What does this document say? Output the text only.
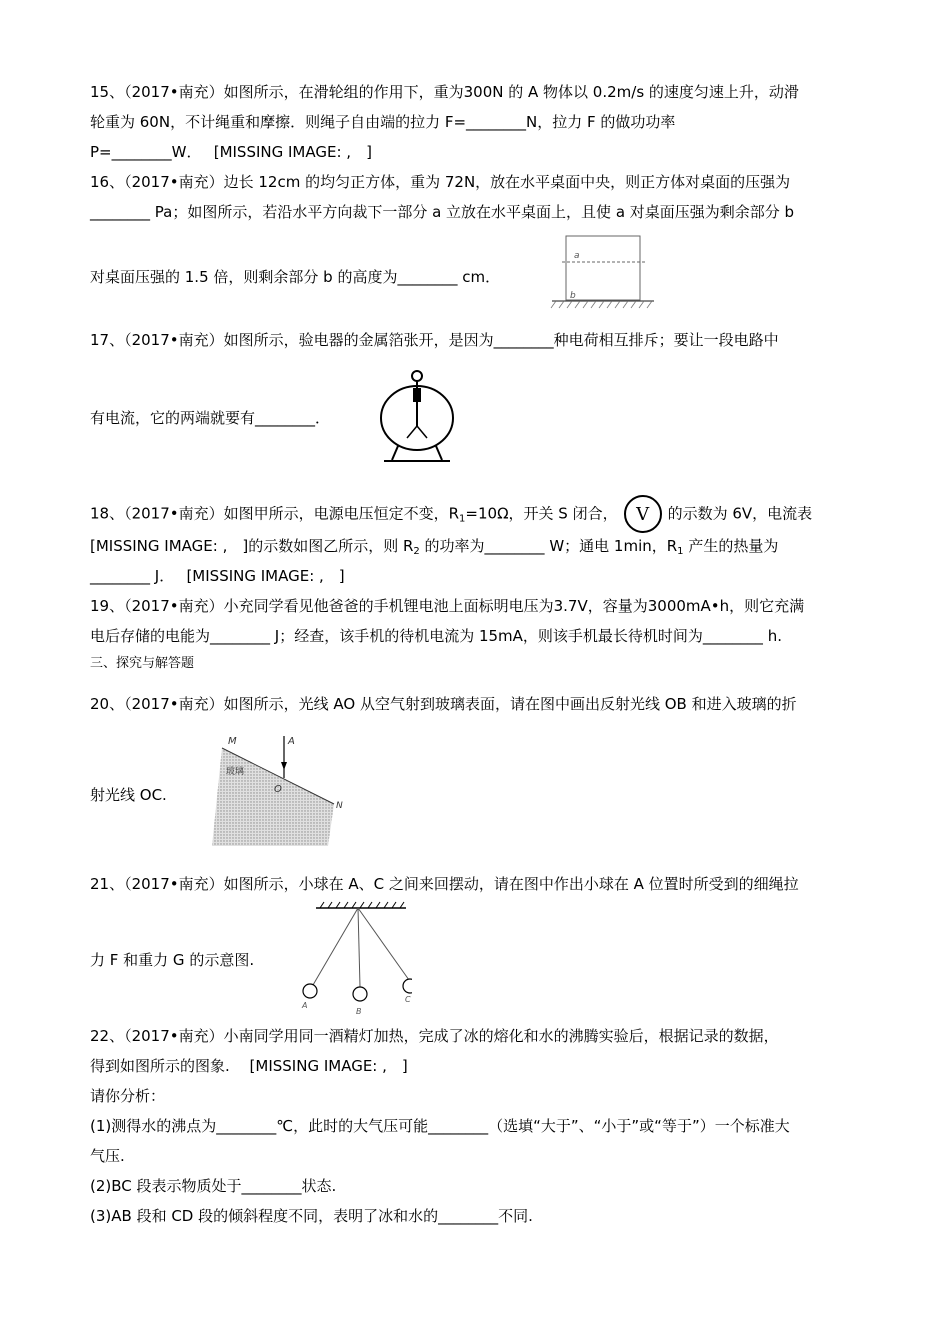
15、（2017•南充）如图所示，在滑轮组的作用下，重为300N 的 A 物体以 0.2m/s 的速度匀速上升，动滑
轮重为 60N，不计绳重和摩擦．则绳子自由端的拉力 F=________N，拉力 F 的做功功率
P=________W．　 [MISSING IMAGE: ,　]
16、（2017•南充）边长 12cm 的均匀正方体，重为 72N，放在水平桌面中央，则正方体对桌面的压强为
________ Pa；如图所示，若沿水平方向裁下一部分 a 立放在水平桌面上，且使 a 对桌面压强为剩余部分 b
对桌面压强的 1.5 倍，则剩余部分 b 的高度为________ cm．
a
b
17、（2017•南充）如图所示，验电器的金属箔张开，是因为________种电荷相互排斥；要让一段电路中
有电流，它的两端就要有________．
18、（2017•南充）如图甲所示，电源电压恒定不变，$R_1=10\Omega$，开关 S 闭合， V 的示数为 6V，电流表
[MISSING IMAGE: ,　]的示数如图乙所示，则 $R_2$ 的功率为________ W；通电 1min，$R_1$ 产生的热量为
________ J．　 [MISSING IMAGE: ,　]
19、（2017•南充）小充同学看见他爸爸的手机锂电池上面标明电压为3.7V，容量为3000mA•h，则它充满
电后存储的电能为________ J；经查，该手机的待机电流为 15mA，则该手机最长待机时间为________ h.
三、探究与解答题
20、（2017•南充）如图所示，光线 AO 从空气射到玻璃表面，请在图中画出反射光线 OB 和进入玻璃的折
射光线 OC.
M	A
O
N
玻璃
21、（2017•南充）如图所示，小球在 A、C 之间来回摆动，请在图中作出小球在 A 位置时所受到的细绳拉
力 F 和重力 G 的示意图.
A
B
C
22、（2017•南充）小南同学用同一酒精灯加热，完成了冰的熔化和水的沸腾实验后，根据记录的数据，
得到如图所示的图象.　 [MISSING IMAGE: ,　]
请你分析：
(1)测得水的沸点为________℃，此时的大气压可能________（选填“大于”、“小于”或“等于”）一个标准大
气压.
(2)BC 段表示物质处于________状态.
(3)AB 段和 CD 段的倾斜程度不同，表明了冰和水的________不同.
